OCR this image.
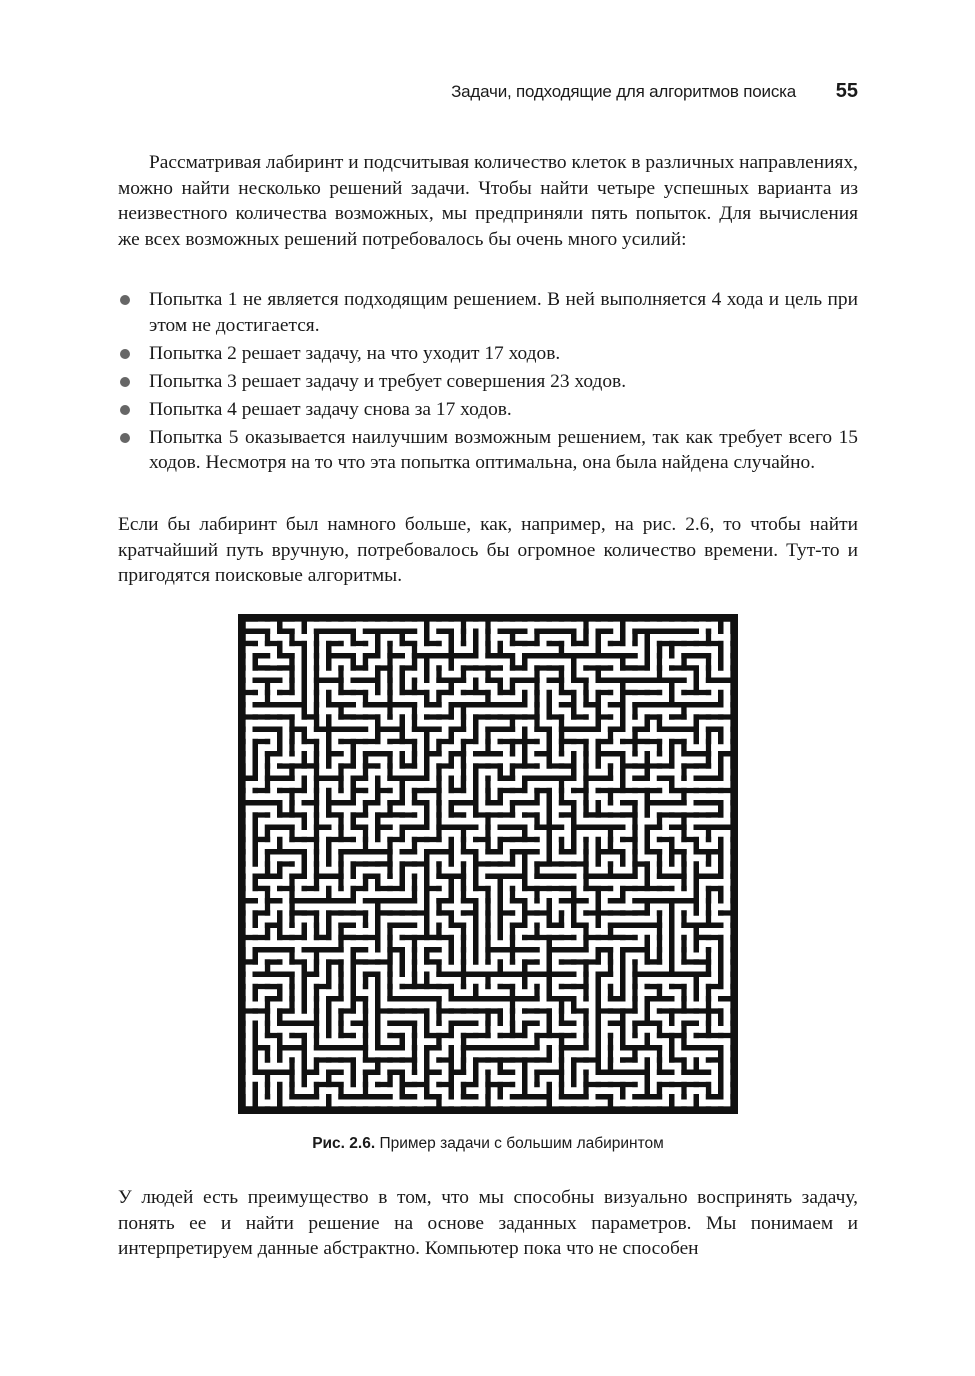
Задачи, подходящие для алгоритмов поиска 55

Рассматривая лабиринт и подсчитывая количество клеток в различных направлениях, можно найти несколько решений задачи. Чтобы найти четыре успешных варианта из неизвестного количества возможных, мы предприняли пять попыток. Для вычисления же всех возможных решений потребовалось бы очень много усилий:

Попытка 1 не является подходящим решением. В ней выполняется 4 хода и цель при этом не достигается.
Попытка 2 решает задачу, на что уходит 17 ходов.
Попытка 3 решает задачу и требует совершения 23 ходов.
Попытка 4 решает задачу снова за 17 ходов.
Попытка 5 оказывается наилучшим возможным решением, так как требует всего 15 ходов. Несмотря на то что эта попытка оптимальна, она была найдена случайно.

Если бы лабиринт был намного больше, как, например, на рис. 2.6, то чтобы найти кратчайший путь вручную, потребовалось бы огромное количество времени. Тут-то и пригодятся поисковые алгоритмы.

Рис. 2.6. Пример задачи с большим лабиринтом

У людей есть преимущество в том, что мы способны визуально воспринять задачу, понять ее и найти решение на основе заданных параметров. Мы понимаем и интерпретируем данные абстрактно. Компьютер пока что не способен
